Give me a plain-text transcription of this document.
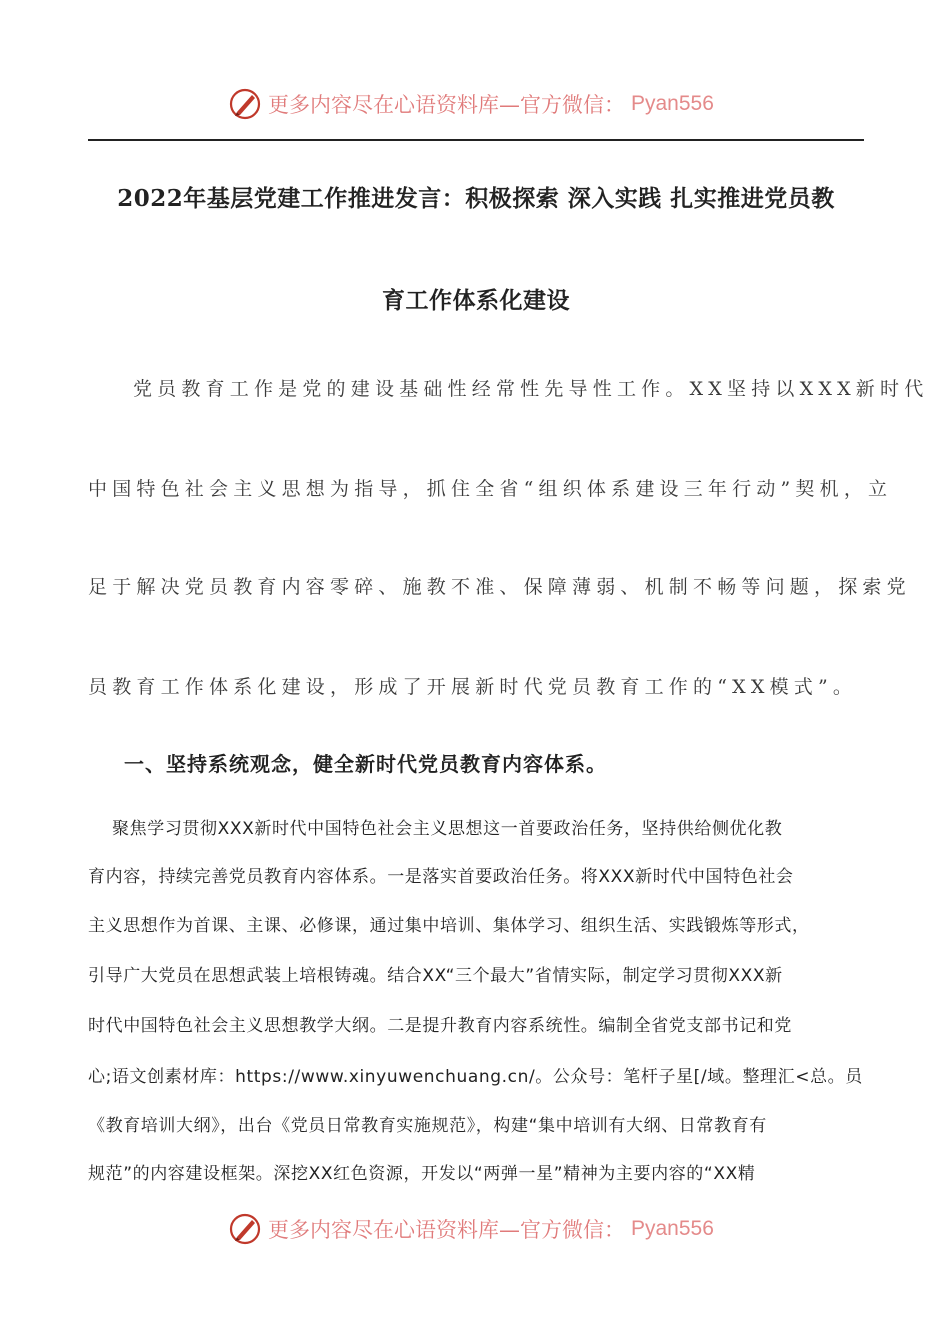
更多内容尽在心语资料库—官方微信： Pyan556
2022年基层党建工作推进发言：积极探索 深入实践 扎实推进党员教
育工作体系化建设
党员教育工作是党的建设基础性经常性先导性工作。XX坚持以XXX新时代
中国特色社会主义思想为指导，抓住全省“组织体系建设三年行动”契机，立
足于解决党员教育内容零碎、施教不准、保障薄弱、机制不畅等问题，探索党
员教育工作体系化建设，形成了开展新时代党员教育工作的“XX模式”。
一、坚持系统观念，健全新时代党员教育内容体系。
聚焦学习贯彻XXX新时代中国特色社会主义思想这一首要政治任务，坚持供给侧优化教
育内容，持续完善党员教育内容体系。一是落实首要政治任务。将XXX新时代中国特色社会
主义思想作为首课、主课、必修课，通过集中培训、集体学习、组织生活、实践锻炼等形式，
引导广大党员在思想武装上培根铸魂。结合XX“三个最大”省情实际，制定学习贯彻XXX新
时代中国特色社会主义思想教学大纲。二是提升教育内容系统性。编制全省党支部书记和党
心;语文创素材库：https://www.xinyuwenchuang.cn/。公众号：笔杆子星[/域。整理汇<总。员
《教育培训大纲》，出台《党员日常教育实施规范》，构建“集中培训有大纲、日常教育有
规范”的内容建设框架。深挖XX红色资源，开发以“两弹一星”精神为主要内容的“XX精
更多内容尽在心语资料库—官方微信： Pyan556
